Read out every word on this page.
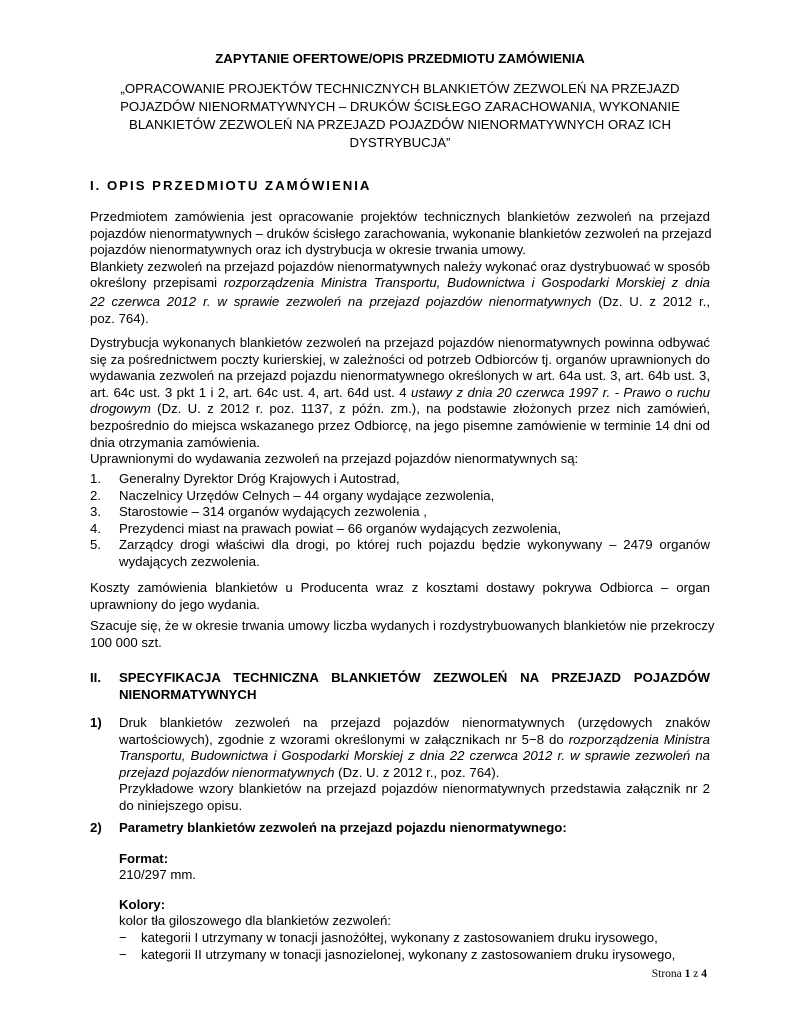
ZAPYTANIE OFERTOWE/OPIS PRZEDMIOTU ZAMÓWIENIA
„OPRACOWANIE PROJEKTÓW TECHNICZNYCH BLANKIETÓW ZEZWOLEŃ NA PRZEJAZD
POJAZDÓW NIENORMATYWNYCH – DRUKÓW ŚCISŁEGO ZARACHOWANIA, WYKONANIE
BLANKIETÓW ZEZWOLEŃ NA PRZEJAZD POJAZDÓW NIENORMATYWNYCH ORAZ ICH
DYSTRYBUCJA”
I. OPIS PRZEDMIOTU ZAMÓWIENIA
Przedmiotem zamówienia jest opracowanie projektów technicznych blankietów zezwoleń na przejazd
pojazdów nienormatywnych – druków ścisłego zarachowania, wykonanie blankietów zezwoleń na przejazd
pojazdów nienormatywnych oraz ich dystrybucja w okresie trwania umowy.
Blankiety zezwoleń na przejazd pojazdów nienormatywnych należy wykonać oraz dystrybuować w sposób
określony przepisami rozporządzenia Ministra Transportu, Budownictwa i Gospodarki Morskiej z dnia
22 czerwca 2012 r. w sprawie zezwoleń na przejazd pojazdów nienormatywnych (Dz. U. z 2012 r.,
poz. 764).
Dystrybucja wykonanych blankietów zezwoleń na przejazd pojazdów nienormatywnych powinna odbywać
się za pośrednictwem poczty kurierskiej, w zależności od potrzeb Odbiorców tj. organów uprawnionych do
wydawania zezwoleń na przejazd pojazdu nienormatywnego określonych w art. 64a ust. 3, art. 64b ust. 3,
art. 64c ust. 3 pkt 1 i 2, art. 64c ust. 4, art. 64d ust. 4 ustawy z dnia 20 czerwca 1997 r. - Prawo o ruchu
drogowym (Dz. U. z 2012 r. poz. 1137, z późn. zm.), na podstawie złożonych przez nich zamówień,
bezpośrednio do miejsca wskazanego przez Odbiorcę, na jego pisemne zamówienie w terminie 14 dni od
dnia otrzymania zamówienia.
Uprawnionymi do wydawania zezwoleń na przejazd pojazdów nienormatywnych są:
1.	Generalny Dyrektor Dróg Krajowych i Autostrad,
2.	Naczelnicy Urzędów Celnych – 44 organy wydające zezwolenia,
3.	Starostowie – 314 organów wydających zezwolenia ,
4.	Prezydenci miast na prawach powiat – 66 organów wydających zezwolenia,
5.	Zarządcy drogi właściwi dla drogi, po której ruch pojazdu będzie wykonywany – 2479 organów wydających zezwolenia.
Koszty zamówienia blankietów u Producenta wraz z kosztami dostawy pokrywa Odbiorca – organ
uprawniony do jego wydania.
Szacuje się, że w okresie trwania umowy liczba wydanych i rozdystrybuowanych blankietów nie przekroczy
100 000 szt.
II. SPECYFIKACJA TECHNICZNA BLANKIETÓW ZEZWOLEŃ NA PRZEJAZD POJAZDÓW NIENORMATYWNYCH
1) Druk blankietów zezwoleń na przejazd pojazdów nienormatywnych (urzędowych znaków
wartościowych), zgodnie z wzorami określonymi w załącznikach nr 5−8 do rozporządzenia Ministra
Transportu, Budownictwa i Gospodarki Morskiej z dnia 22 czerwca 2012 r. w sprawie zezwoleń na
przejazd pojazdów nienormatywnych (Dz. U. z 2012 r., poz. 764).
Przykładowe wzory blankietów na przejazd pojazdów nienormatywnych przedstawia załącznik nr 2
do niniejszego opisu.
2) Parametry blankietów zezwoleń na przejazd pojazdu nienormatywnego:
Format:
210/297 mm.
Kolory:
kolor tła giloszowego dla blankietów zezwoleń:
−	kategorii I utrzymany w tonacji jasnożółtej, wykonany z zastosowaniem druku irysowego,
−	kategorii II utrzymany w tonacji jasnozielonej, wykonany z zastosowaniem druku irysowego,
Strona 1 z 4
